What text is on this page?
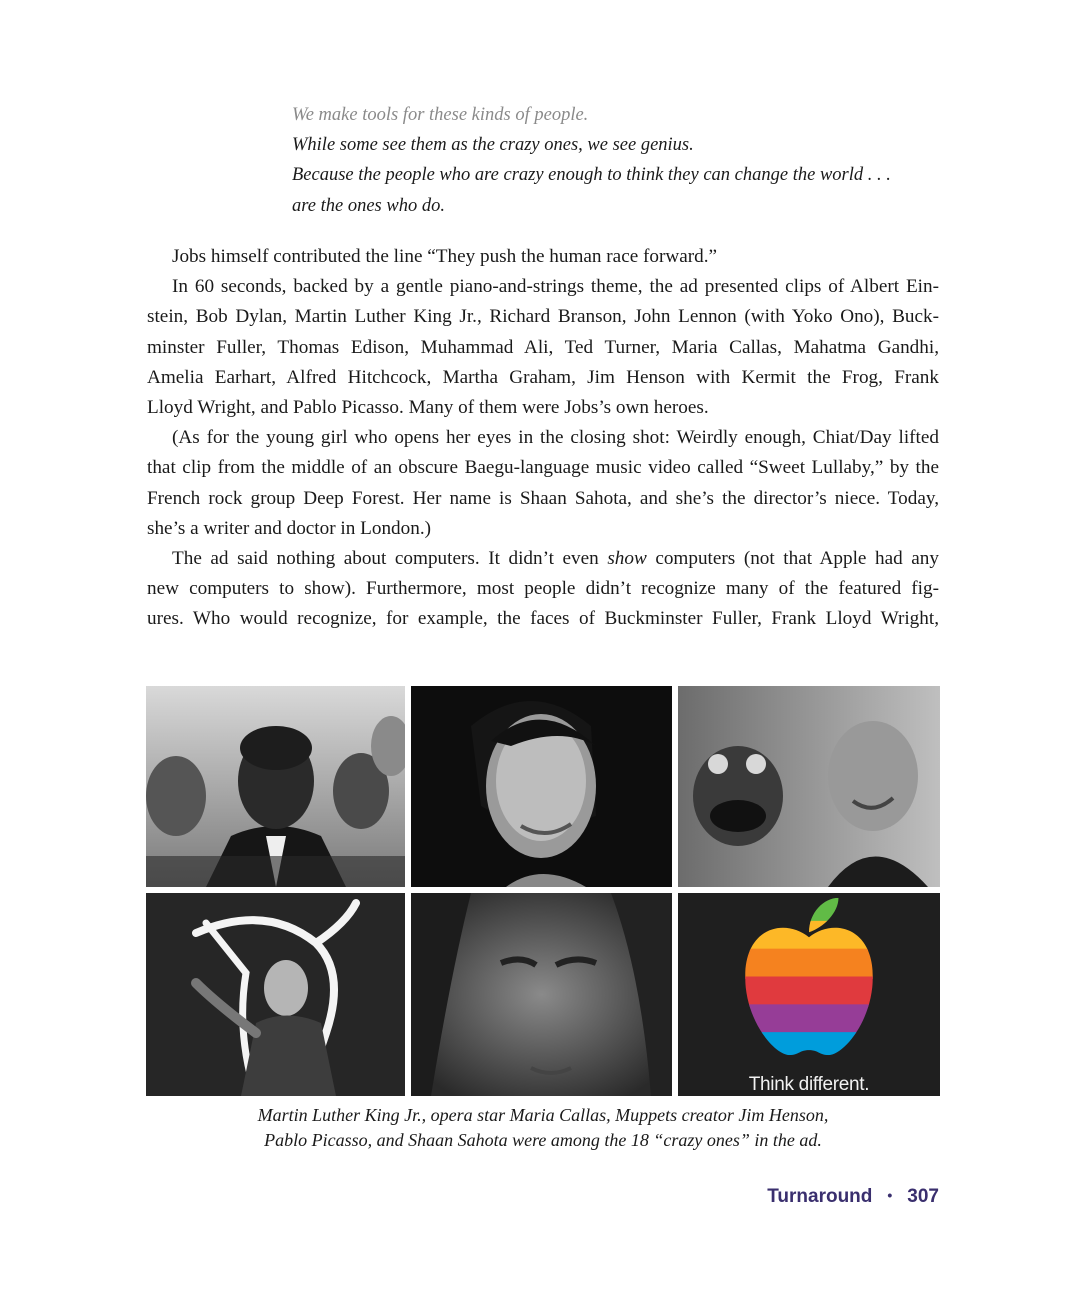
We make tools for these kinds of people.
While some see them as the crazy ones, we see genius.
Because the people who are crazy enough to think they can change the world . . .
are the ones who do.
Jobs himself contributed the line “They push the human race forward.”
In 60 seconds, backed by a gentle piano-and-strings theme, the ad presented clips of Albert Ein-
stein, Bob Dylan, Martin Luther King Jr., Richard Branson, John Lennon (with Yoko Ono), Buck-
minster Fuller, Thomas Edison, Muhammad Ali, Ted Turner, Maria Callas, Mahatma Gandhi,
Amelia Earhart, Alfred Hitchcock, Martha Graham, Jim Henson with Kermit the Frog, Frank
Lloyd Wright, and Pablo Picasso. Many of them were Jobs’s own heroes.
(As for the young girl who opens her eyes in the closing shot: Weirdly enough, Chiat/Day lifted
that clip from the middle of an obscure Baegu-language music video called “Sweet Lullaby,” by the
French rock group Deep Forest. Her name is Shaan Sahota, and she’s the director’s niece. Today,
she’s a writer and doctor in London.)
The ad said nothing about computers. It didn’t even show computers (not that Apple had any
new computers to show). Furthermore, most people didn’t recognize many of the featured fig-
ures. Who would recognize, for example, the faces of Buckminster Fuller, Frank Lloyd Wright,
Think different.
Martin Luther King Jr., opera star Maria Callas, Muppets creator Jim Henson,
Pablo Picasso, and Shaan Sahota were among the 18 “crazy ones” in the ad.
Turnaround • 307
